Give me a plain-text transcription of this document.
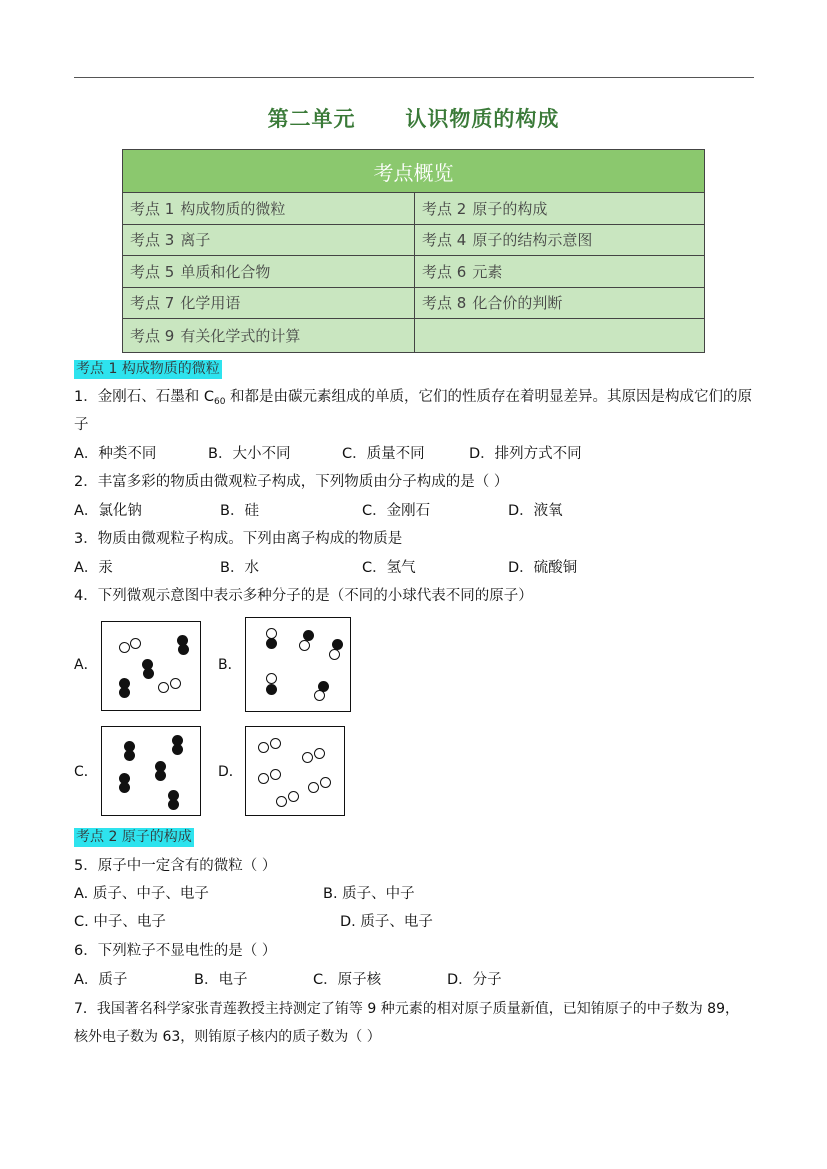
第二单元      认识物质的构成
考点概览	
考点 1 构成物质的微粒	考点 2 原子的构成
考点 3 离子	考点 4 原子的结构示意图
考点 5 单质和化合物	考点 6 元素
考点 7 化学用语	考点 8 化合价的判断
考点 9 有关化学式的计算	
考点 1 构成物质的微粒
1．金刚石、石墨和 $C_{60}$ 和都是由碳元素组成的单质，它们的性质存在着明显差异。其原因是构成它们的原
子
A．种类不同	B．大小不同	C．质量不同	D．排列方式不同
2．丰富多彩的物质由微观粒子构成，下列物质由分子构成的是（ ）
A．氯化钠	B．硅	C．金刚石	D．液氧
3．物质由微观粒子构成。下列由离子构成的物质是
A．汞	B．水	C．氢气	D．硫酸铜
4．下列微观示意图中表示多种分子的是（不同的小球代表不同的原子）
A．	B．
C．	D．
考点 2 原子的构成
5．原子中一定含有的微粒（ ）
A. 质子、中子、电子	B. 质子、中子
C. 中子、电子	D. 质子、电子
6．下列粒子不显电性的是（ ）
A．质子	B．电子	C．原子核	D．分子
7．我国著名科学家张青莲教授主持测定了铕等 9 种元素的相对原子质量新值，已知铕原子的中子数为 89，
核外电子数为 63，则铕原子核内的质子数为（ ）
